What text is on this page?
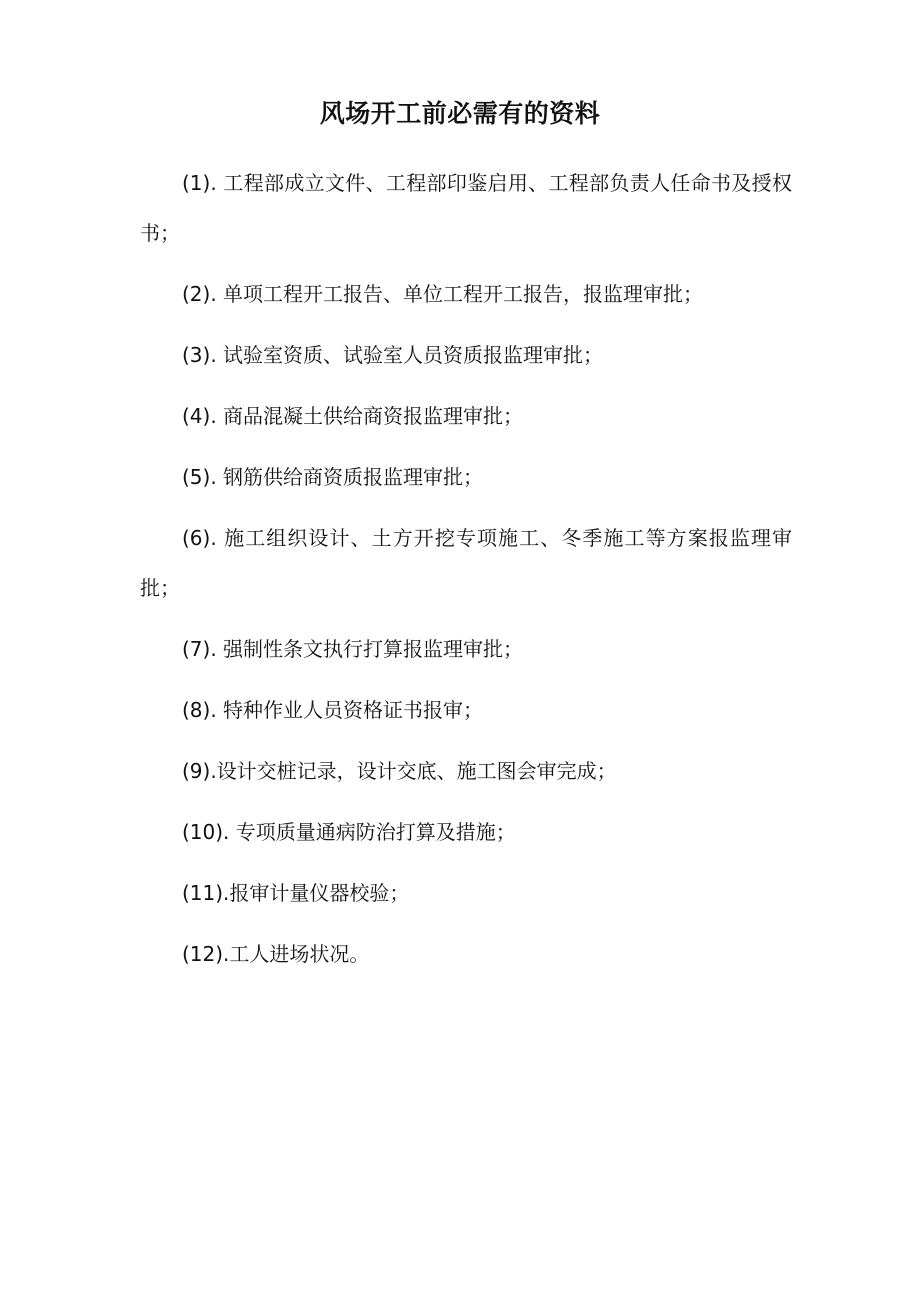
风场开工前必需有的资料

(1). 工程部成立文件、工程部印鉴启用、工程部负责人任命书及授权书；

(2). 单项工程开工报告、单位工程开工报告，报监理审批；

(3). 试验室资质、试验室人员资质报监理审批；

(4). 商品混凝土供给商资报监理审批；

(5). 钢筋供给商资质报监理审批；

(6). 施工组织设计、土方开挖专项施工、冬季施工等方案报监理审批；

(7). 强制性条文执行打算报监理审批；

(8). 特种作业人员资格证书报审；

(9).设计交桩记录，设计交底、施工图会审完成；

(10). 专项质量通病防治打算及措施；

(11).报审计量仪器校验；

(12).工人进场状况。
